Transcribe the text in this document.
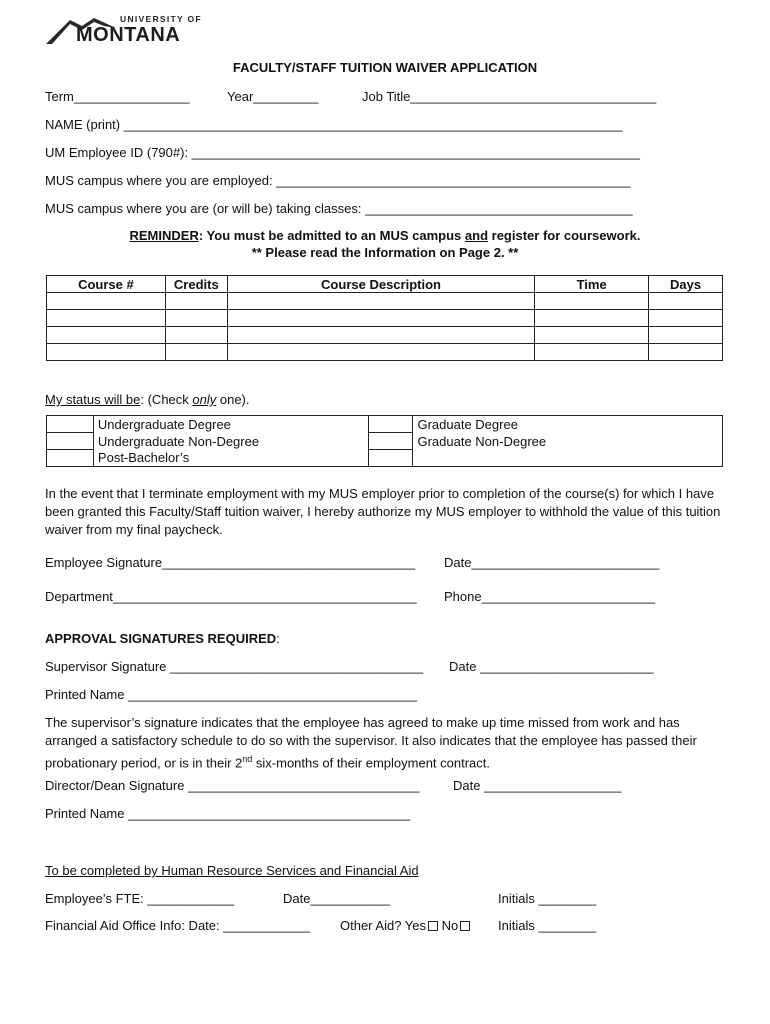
UNIVERSITY OF
MONTANA
FACULTY/STAFF TUITION WAIVER APPLICATION
Term________________	Year_________	Job Title__________________________________
NAME (print) _____________________________________________________________________
UM Employee ID (790#): ______________________________________________________________
MUS campus where you are employed: _________________________________________________
MUS campus where you are (or will be) taking classes: _____________________________________
REMINDER: You must be admitted to an MUS campus and register for coursework.
** Please read the Information on Page 2. **
Course #	Credits	Course Description	Time	Days

My status will be: (Check only one).
	Undergraduate Degree		Graduate Degree
	Undergraduate Non-Degree		Graduate Non-Degree
	Post-Bachelor’s		
In the event that I terminate employment with my MUS employer prior to completion of the course(s) for which I have been granted this Faculty/Staff tuition waiver, I hereby authorize my MUS employer to withhold the value of this tuition waiver from my final paycheck.
Employee Signature___________________________________ Date__________________________
Department__________________________________________ Phone________________________
APPROVAL SIGNATURES REQUIRED:
Supervisor Signature ___________________________________ Date ________________________
Printed Name ________________________________________
The supervisor’s signature indicates that the employee has agreed to make up time missed from work and has arranged a satisfactory schedule to do so with the supervisor. It also indicates that the employee has passed their probationary period, or is in their 2nd six-months of their employment contract.
Director/Dean Signature ________________________________	Date ___________________
Printed Name _______________________________________
To be completed by Human Resource Services and Financial Aid
Employee’s FTE: ____________	Date___________	Initials ________
Financial Aid Office Info: Date: ____________ Other Aid? Yes No	Initials ________
